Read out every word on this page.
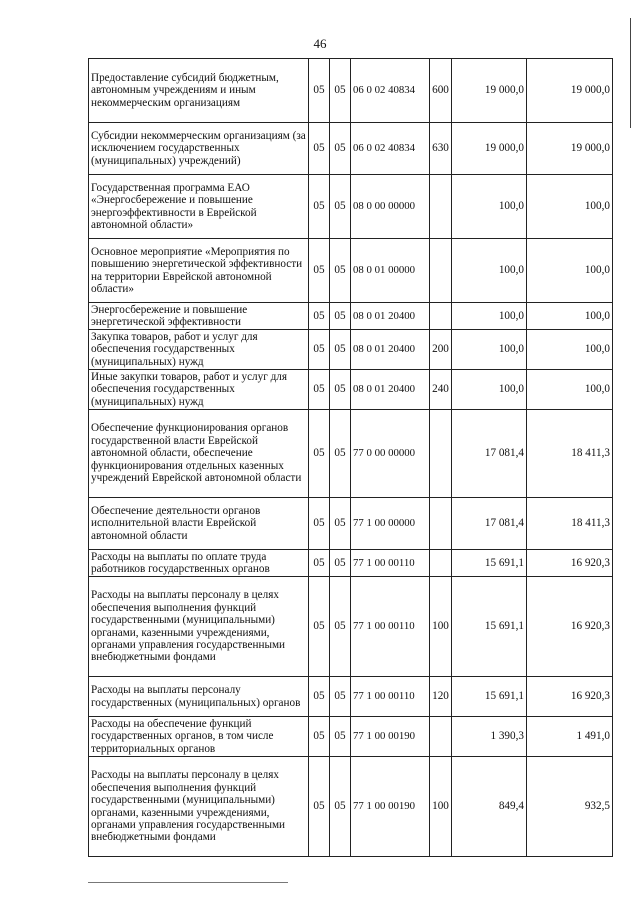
46
Предоставление субсидий бюджетным, автономным учреждениям и иным некоммерческим организациям	05	05	06 0 02 40834	600	19 000,0	19 000,0
Субсидии некоммерческим организациям (за исключением государственных (муниципальных) учреждений)	05	05	06 0 02 40834	630	19 000,0	19 000,0
Государственная программа ЕАО «Энергосбережение и повышение энергоэффективности в Еврейской автономной области»	05	05	08 0 00 00000		100,0	100,0
Основное мероприятие «Мероприятия по повышению энергетической эффективности на территории Еврейской автономной области»	05	05	08 0 01 00000		100,0	100,0
Энергосбережение и повышение энергетической эффективности	05	05	08 0 01 20400		100,0	100,0
Закупка товаров, работ и услуг для обеспечения государственных (муниципальных) нужд	05	05	08 0 01 20400	200	100,0	100,0
Иные закупки товаров, работ и услуг для обеспечения государственных (муниципальных) нужд	05	05	08 0 01 20400	240	100,0	100,0
Обеспечение функционирования органов государственной власти Еврейской автономной области, обеспечение функционирования отдельных казенных учреждений Еврейской автономной области	05	05	77 0 00 00000		17 081,4	18 411,3
Обеспечение деятельности органов исполнительной власти Еврейской автономной области	05	05	77 1 00 00000		17 081,4	18 411,3
Расходы на выплаты по оплате труда работников государственных органов	05	05	77 1 00 00110		15 691,1	16 920,3
Расходы на выплаты персоналу в целях обеспечения выполнения функций государственными (муниципальными) органами, казенными учреждениями, органами управления государственными внебюджетными фондами	05	05	77 1 00 00110	100	15 691,1	16 920,3
Расходы на выплаты персоналу государственных (муниципальных) органов	05	05	77 1 00 00110	120	15 691,1	16 920,3
Расходы на обеспечение функций государственных органов, в том числе территориальных органов	05	05	77 1 00 00190		1 390,3	1 491,0
Расходы на выплаты персоналу в целях обеспечения выполнения функций государственными (муниципальными) органами, казенными учреждениями, органами управления государственными внебюджетными фондами	05	05	77 1 00 00190	100	849,4	932,5
